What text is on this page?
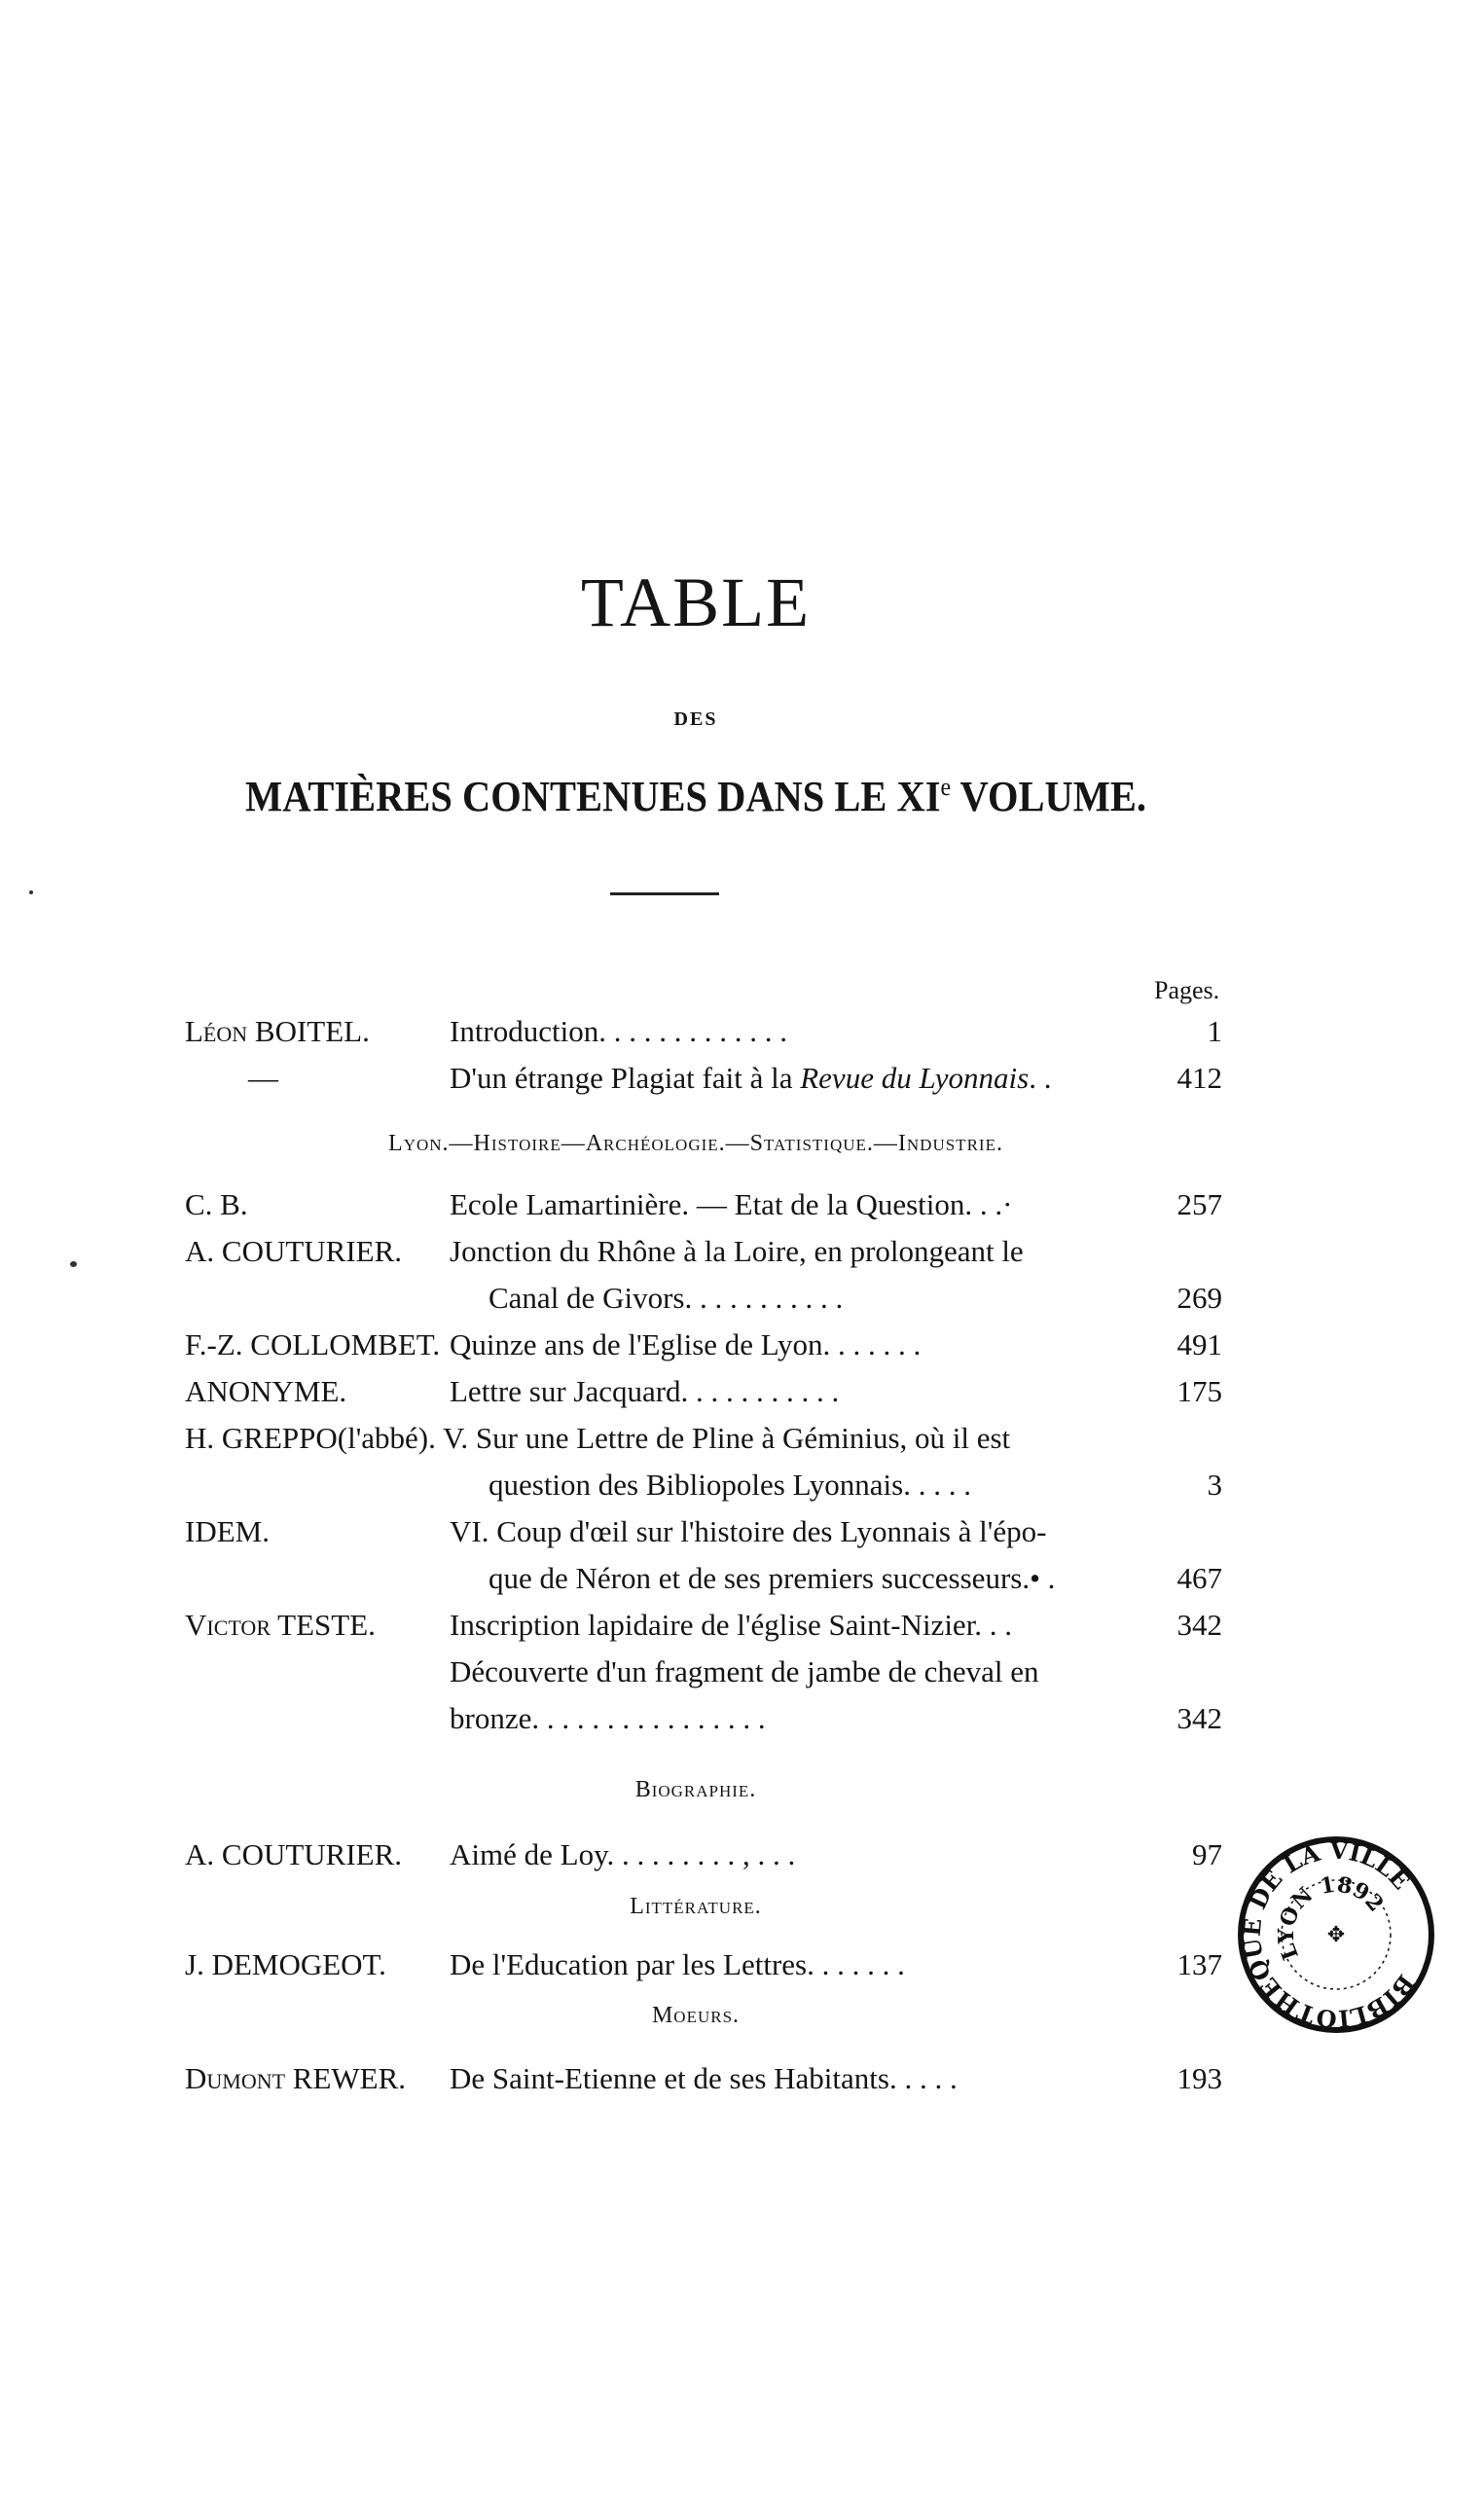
TABLE
DES
MATIÈRES CONTENUES DANS LE XIe VOLUME.
Pages.
Léon BOITEL.	Introduction. . . . . . . . . . . . .	1
—	D'un étrange Plagiat fait à la Revue du Lyonnais. .	412
Lyon.—Histoire—Archéologie.—Statistique.—Industrie.
C. B.	Ecole Lamartinière. — Etat de la Question. . .·	257
A. COUTURIER. Jonction du Rhône à la Loire, en prolongeant le
Canal de Givors. . . . . . . . . . .	269
F.-Z. COLLOMBET. Quinze ans de l'Eglise de Lyon. . . . . . .	491
ANONYME.	Lettre sur Jacquard. . . . . . . . . . .	175
H. GREPPO(l'abbé). V. Sur une Lettre de Pline à Géminius, où il est
question des Bibliopoles Lyonnais. . . . .	3
IDEM.	VI. Coup d'œil sur l'histoire des Lyonnais à l'épo-
que de Néron et de ses premiers successeurs.• .	467
Victor TESTE. Inscription lapidaire de l'église Saint-Nizier. . .	342
Découverte d'un fragment de jambe de cheval en
bronze. . . . . . . . . . . . . . . .	342
Biographie.
A. COUTURIER. Aimé de Loy. . . . . . . . . , . . .	97
Littérature.
J. DEMOGEOT. De l'Education par les Lettres. . . . . . .	137
Moeurs.
Dumont REWER. De Saint-Etienne et de ses Habitants. . . . .	193
BIBLIOTHÈQUE DE LA VILLE
LYON 1892
✥
